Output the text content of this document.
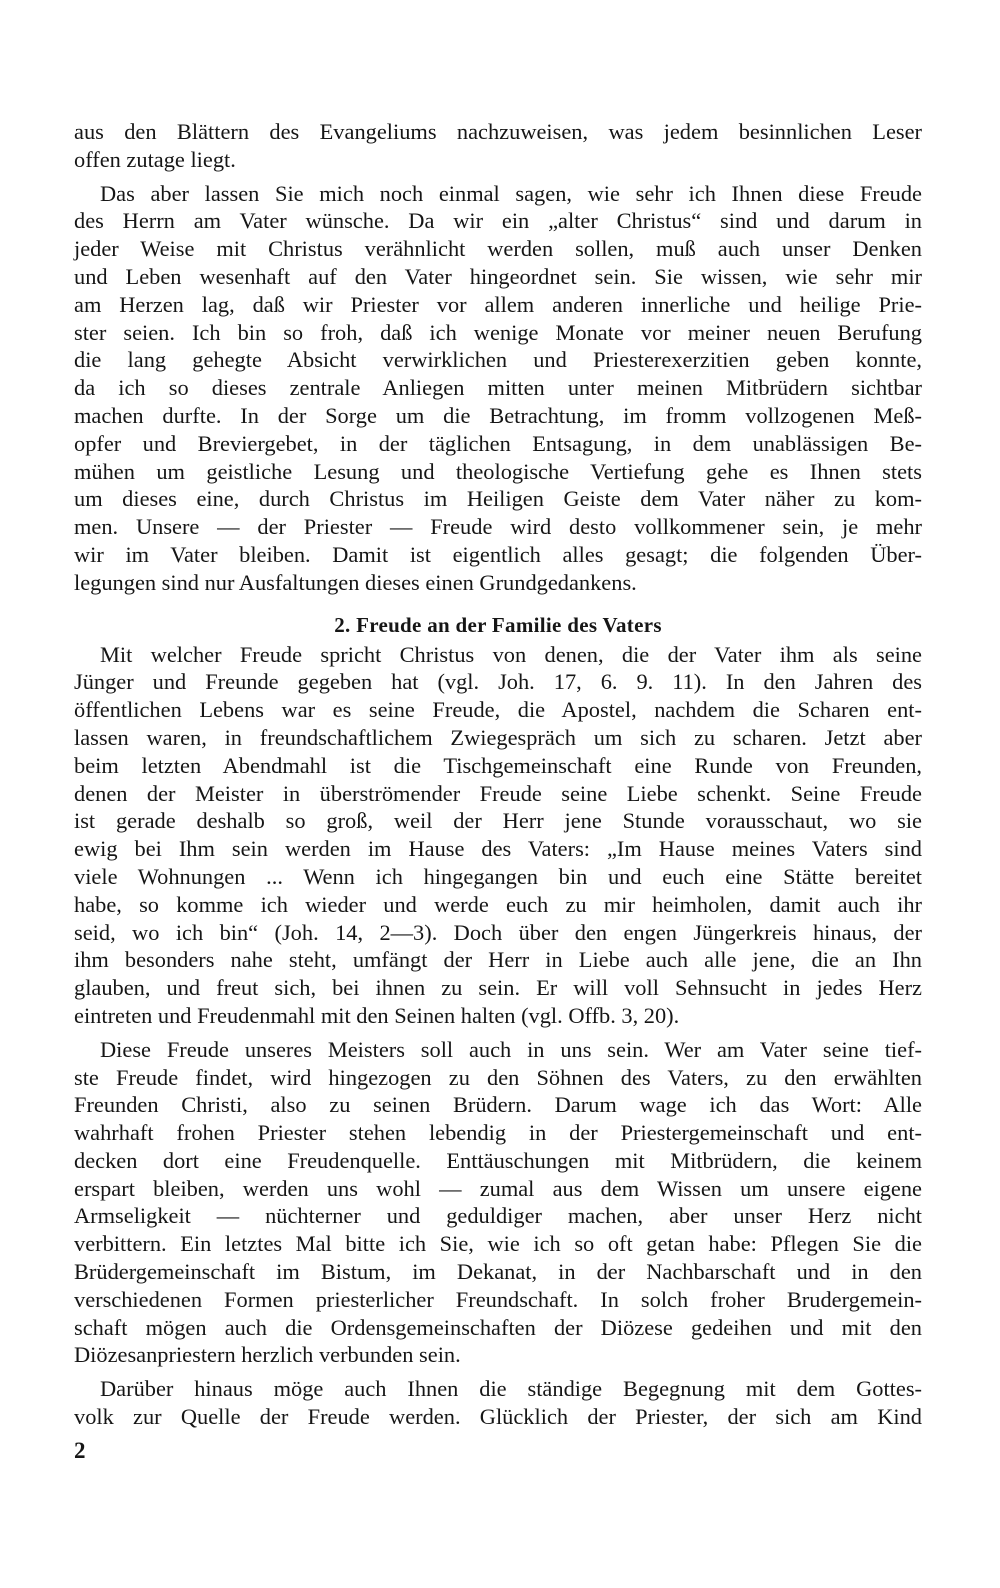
aus den Blättern des Evangeliums nachzuweisen, was jedem besinnlichen Leser
offen zutage liegt.
Das aber lassen Sie mich noch einmal sagen, wie sehr ich Ihnen diese Freude
des Herrn am Vater wünsche. Da wir ein „alter Christus“ sind und darum in
jeder Weise mit Christus verähnlicht werden sollen, muß auch unser Denken
und Leben wesenhaft auf den Vater hingeordnet sein. Sie wissen, wie sehr mir
am Herzen lag, daß wir Priester vor allem anderen innerliche und heilige Prie-
ster seien. Ich bin so froh, daß ich wenige Monate vor meiner neuen Berufung
die lang gehegte Absicht verwirklichen und Priesterexerzitien geben konnte,
da ich so dieses zentrale Anliegen mitten unter meinen Mitbrüdern sichtbar
machen durfte. In der Sorge um die Betrachtung, im fromm vollzogenen Meß-
opfer und Breviergebet, in der täglichen Entsagung, in dem unablässigen Be-
mühen um geistliche Lesung und theologische Vertiefung gehe es Ihnen stets
um dieses eine, durch Christus im Heiligen Geiste dem Vater näher zu kom-
men. Unsere — der Priester — Freude wird desto vollkommener sein, je mehr
wir im Vater bleiben. Damit ist eigentlich alles gesagt; die folgenden Über-
legungen sind nur Ausfaltungen dieses einen Grundgedankens.
2. Freude an der Familie des Vaters
Mit welcher Freude spricht Christus von denen, die der Vater ihm als seine
Jünger und Freunde gegeben hat (vgl. Joh. 17, 6. 9. 11). In den Jahren des
öffentlichen Lebens war es seine Freude, die Apostel, nachdem die Scharen ent-
lassen waren, in freundschaftlichem Zwiegespräch um sich zu scharen. Jetzt aber
beim letzten Abendmahl ist die Tischgemeinschaft eine Runde von Freunden,
denen der Meister in überströmender Freude seine Liebe schenkt. Seine Freude
ist gerade deshalb so groß, weil der Herr jene Stunde vorausschaut, wo sie
ewig bei Ihm sein werden im Hause des Vaters: „Im Hause meines Vaters sind
viele Wohnungen ... Wenn ich hingegangen bin und euch eine Stätte bereitet
habe, so komme ich wieder und werde euch zu mir heimholen, damit auch ihr
seid, wo ich bin“ (Joh. 14, 2—3). Doch über den engen Jüngerkreis hinaus, der
ihm besonders nahe steht, umfängt der Herr in Liebe auch alle jene, die an Ihn
glauben, und freut sich, bei ihnen zu sein. Er will voll Sehnsucht in jedes Herz
eintreten und Freudenmahl mit den Seinen halten (vgl. Offb. 3, 20).
Diese Freude unseres Meisters soll auch in uns sein. Wer am Vater seine tief-
ste Freude findet, wird hingezogen zu den Söhnen des Vaters, zu den erwählten
Freunden Christi, also zu seinen Brüdern. Darum wage ich das Wort: Alle
wahrhaft frohen Priester stehen lebendig in der Priestergemeinschaft und ent-
decken dort eine Freudenquelle. Enttäuschungen mit Mitbrüdern, die keinem
erspart bleiben, werden uns wohl — zumal aus dem Wissen um unsere eigene
Armseligkeit — nüchterner und geduldiger machen, aber unser Herz nicht
verbittern. Ein letztes Mal bitte ich Sie, wie ich so oft getan habe: Pflegen Sie die
Brüdergemeinschaft im Bistum, im Dekanat, in der Nachbarschaft und in den
verschiedenen Formen priesterlicher Freundschaft. In solch froher Brudergemein-
schaft mögen auch die Ordensgemeinschaften der Diözese gedeihen und mit den
Diözesanpriestern herzlich verbunden sein.
Darüber hinaus möge auch Ihnen die ständige Begegnung mit dem Gottes-
volk zur Quelle der Freude werden. Glücklich der Priester, der sich am Kind
2
